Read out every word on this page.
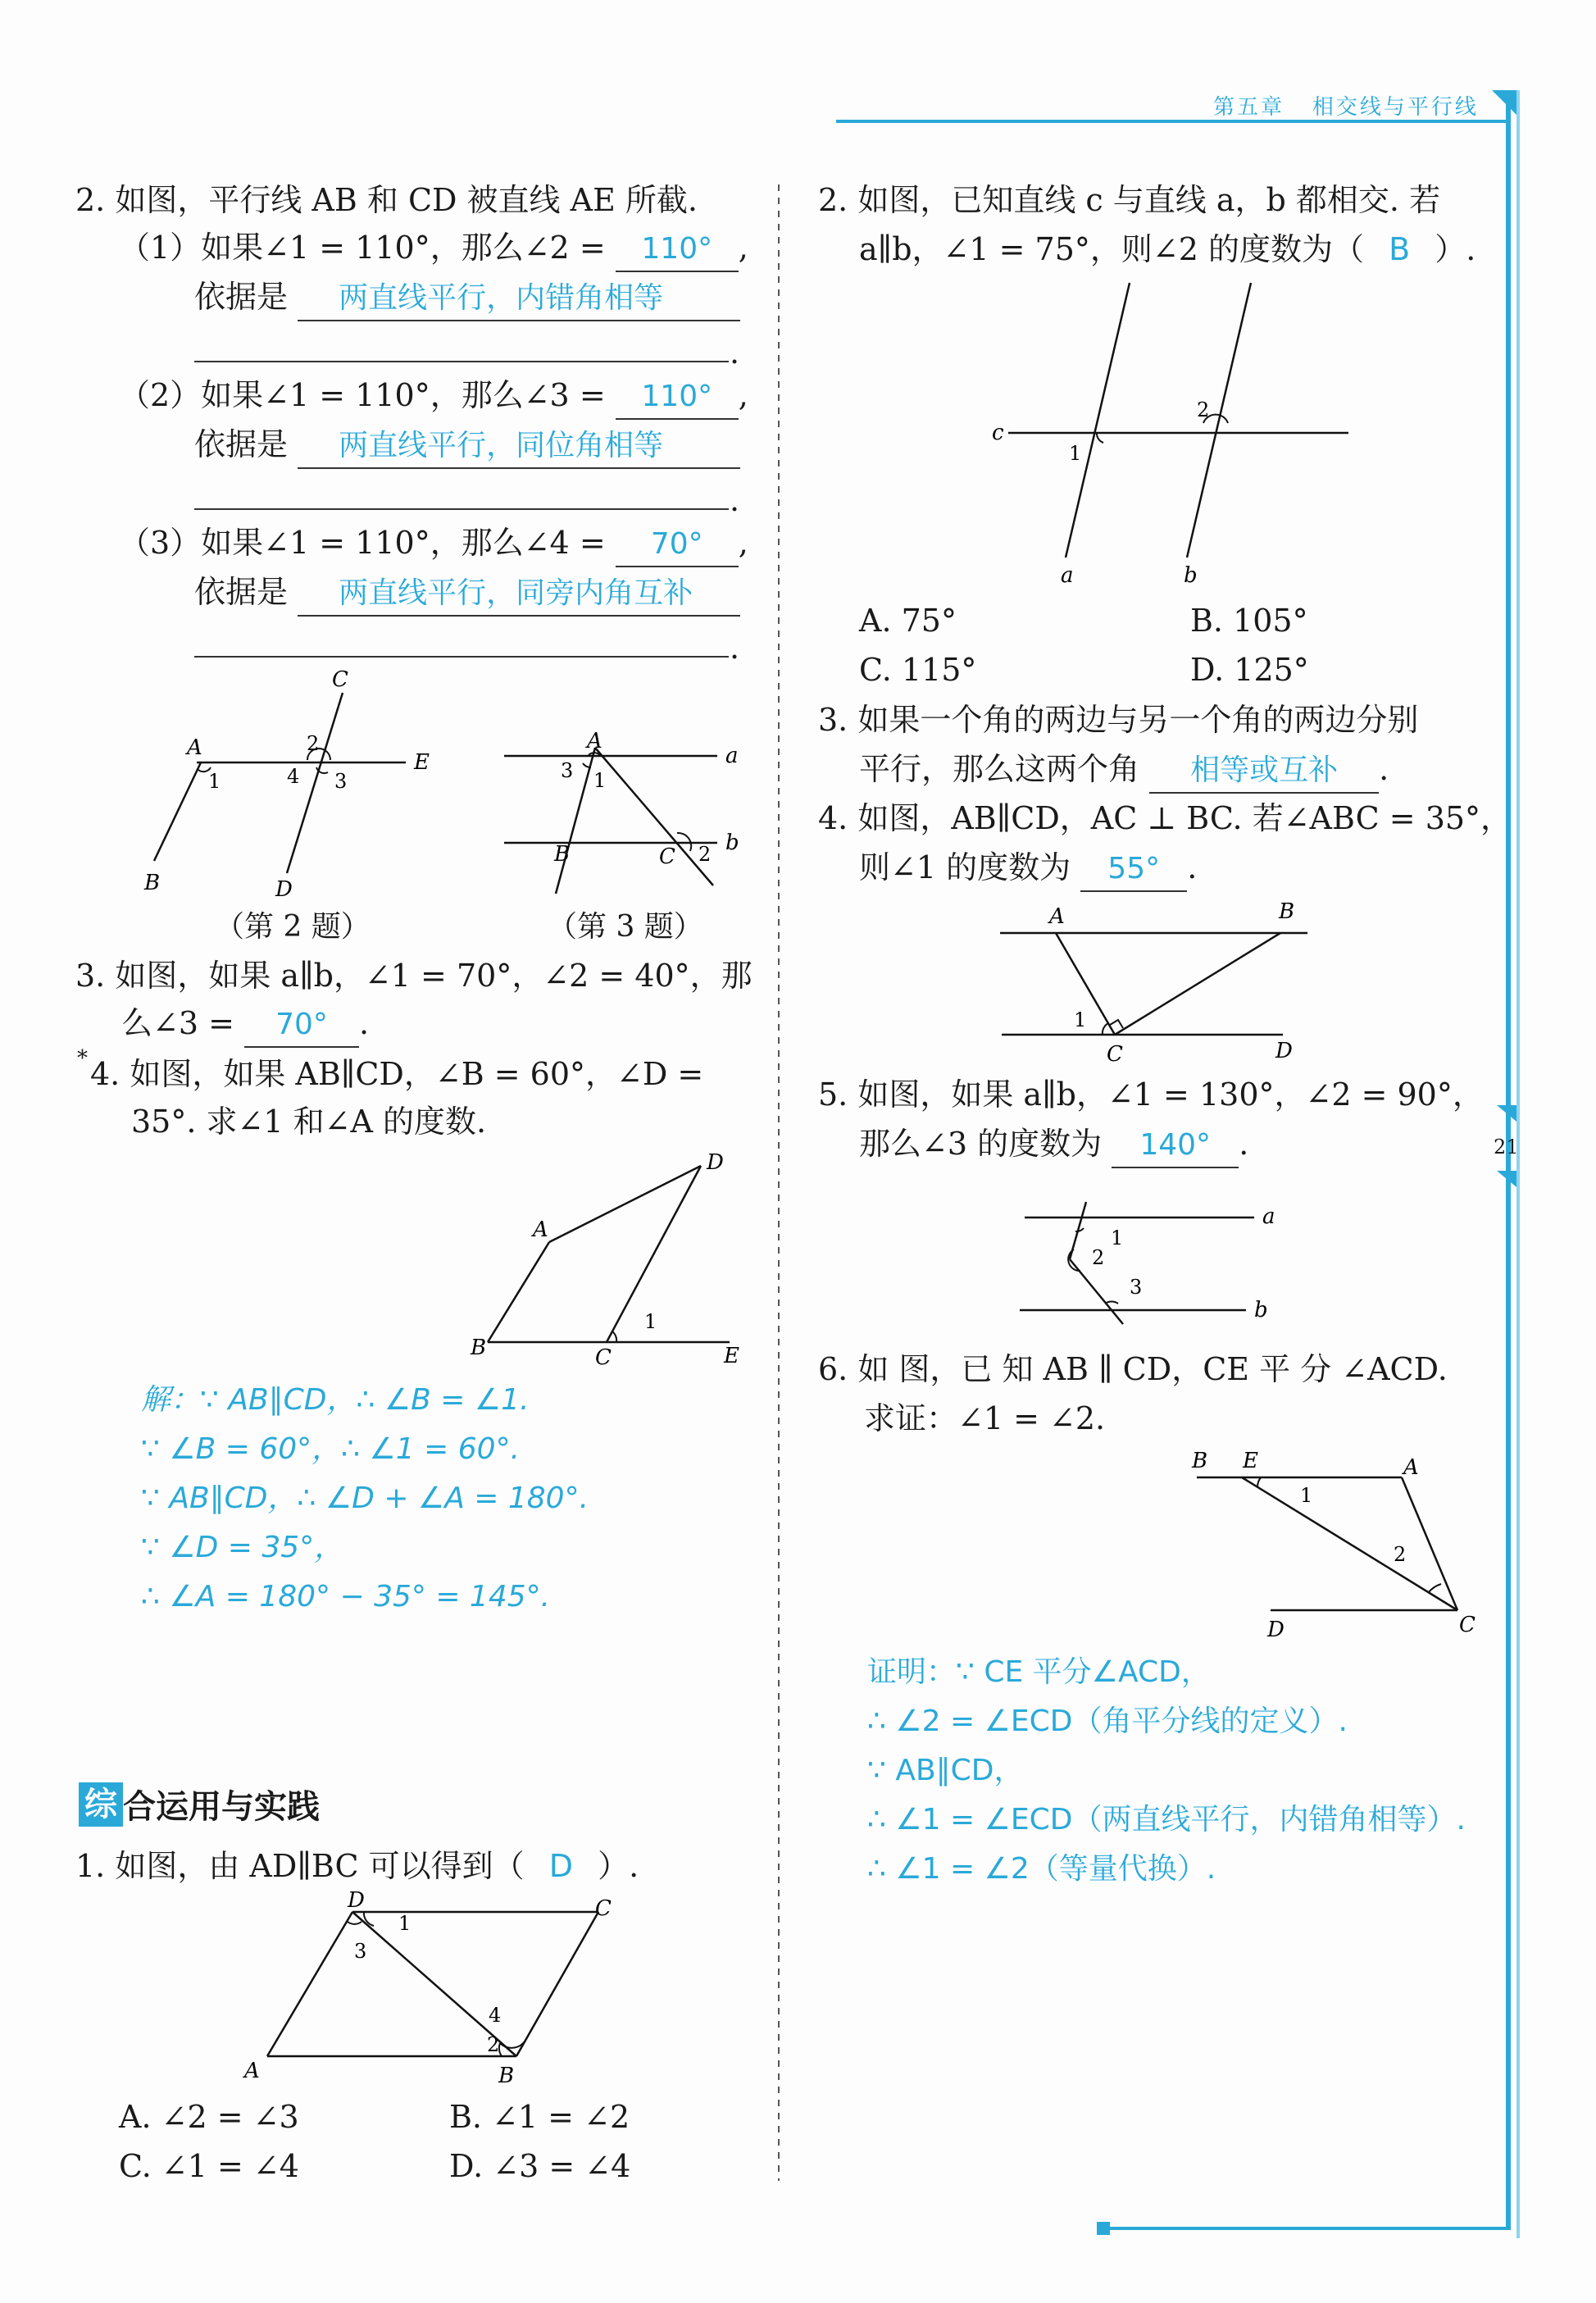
第五章 相交线与平行线
21
2. 如图，平行线 AB 和 CD 被直线 AE 所截.
（1）如果∠1 = 110°，那么∠2 = 110° ,
依据是 两直线平行，内错角相等
.
（2）如果∠1 = 110°，那么∠3 = 110° ,
依据是 两直线平行，同位角相等
.
（3）如果∠1 = 110°，那么∠4 = 70° ,
依据是 两直线平行，同旁内角互补
.
C
A
E
B	D
1
2
3
4
A
a
b
B	C
3 1
2
（第 2 题）	（第 3 题）
3. 如图，如果 a∥b，∠1 = 70°，∠2 = 40°，那
么∠3 = 70° .
* 4. 如图，如果 AB∥CD，∠B = 60°，∠D =
35°. 求∠1 和∠A 的度数.
A
D
B	C	E
1
解：∵ AB∥CD，∴ ∠B = ∠1.
∵ ∠B = 60°，∴ ∠1 = 60°.
∵ AB∥CD，∴ ∠D + ∠A = 180°.
∵ ∠D = 35°，
∴ ∠A = 180° − 35° = 145°.
综 合运用与实践
1. 如图，由 AD∥BC 可以得到（ D ）.
D	C
A	B
1
3
2
4
A. ∠2 = ∠3	B. ∠1 = ∠2
C. ∠1 = ∠4	D. ∠3 = ∠4
2. 如图，已知直线 c 与直线 a，b 都相交. 若
a∥b，∠1 = 75°，则∠2 的度数为（ B ）.
c
1
2
a	b
A. 75°	B. 105°
C. 115°	D. 125°
3. 如果一个角的两边与另一个角的两边分别
平行，那么这两个角 相等或互补 .
4. 如图，AB∥CD，AC ⊥ BC. 若∠ABC = 35°，
则∠1 的度数为 55° .
A	B
C	D
1
5. 如图，如果 a∥b，∠1 = 130°，∠2 = 90°，
那么∠3 的度数为 140° .
a
b
1
2
3
6. 如 图，已 知 AB ∥ CD，CE 平 分 ∠ACD.
求证：∠1 = ∠2.
B E	A
D	C
1
2
证明：∵ CE 平分∠ACD，
∴ ∠2 = ∠ECD（角平分线的定义）.
∵ AB∥CD，
∴ ∠1 = ∠ECD（两直线平行，内错角相等）.
∴ ∠1 = ∠2（等量代换）.
